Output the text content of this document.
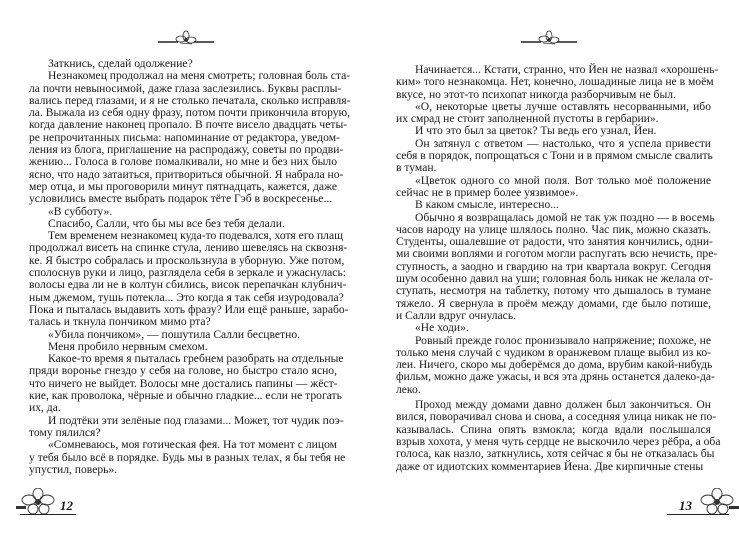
Заткнись, сделай одолжение?
Незнакомец продолжал на меня смотреть; головная боль ста-
ла почти невыносимой, даже глаза заслезились. Буквы расплы-
вались перед глазами, и я не столько печатала, сколько исправля-
ла. Выжала из себя одну фразу, потом почти прикончила вторую,
когда давление наконец пропало. В почте висело двадцать четы-
ре непрочитанных письма: напоминание от редактора, уведом-
ления из блога, приглашение на распродажу, советы по продви-
жению... Голоса в голове помалкивали, но мне и без них было
ясно, что надо затаиться, притвориться обычной. Я набрала но-
мер отца, и мы проговорили минут пятнадцать, кажется, даже
условились вместе выбрать подарок тёте Гэб в воскресенье...
«В субботу».
Спасибо, Салли, что бы мы все без тебя делали.
Тем временем незнакомец куда-то подевался, хотя его плащ
продолжал висеть на спинке стула, лениво шевелясь на сквозня-
ке. Я быстро собралась и проскользнула в уборную. Уже потом,
сполоснув руки и лицо, разглядела себя в зеркале и ужаснулась:
волосы едва ли не в колтун сбились, висок перепачкан клубнич-
ным джемом, тушь потекла... Это когда я так себя изуродовала?
Пока и пыталась выдавить хоть фразу? Или ещё раньше, зарабо-
талась и ткнула пончиком мимо рта?
«Убила пончиком», — пошутила Салли бесцветно.
Меня пробило нервным смехом.
Какое-то время я пыталась гребнем разобрать на отдельные
пряди воронье гнездо у себя на голове, но быстро стало ясно,
что ничего не выйдет. Волосы мне достались папины — жёст-
кие, как проволока, чёрные и обычно гладкие... если не трогать
их, да.
И подтёки эти зелёные под глазами... Может, тот чудик поэ-
тому пялился?
«Сомневаюсь, моя готическая фея. На тот момент с лицом
у тебя было всё в порядке. Будь мы в разных телах, я бы тебя не
упустил, поверь».
12
Начинается... Кстати, странно, что Йен не назвал «хорошень-
ким» того незнакомца. Нет, конечно, лошадиные лица не в моём
вкусе, но этот-то психопат никогда разборчивым не был.
«О, некоторые цветы лучше оставлять несорванными, ибо
их смрад не стоит заполненной пустоты в гербарии».
И что это был за цветок? Ты ведь его узнал, Йен.
Он затянул с ответом — настолько, что я успела привести
себя в порядок, попрощаться с Тони и в прямом смысле свалить
в туман.
«Цветок одного со мной поля. Вот только моё положение
сейчас не в пример более уязвимое».
В каком смысле, интересно...
Обычно я возвращалась домой не так уж поздно — в восемь
часов народу на улице шлялось полно. Час пик, можно сказать.
Студенты, ошалевшие от радости, что занятия кончились, одни-
ми своими воплями и гоготом могли распугать всю нечисть, пре-
ступность, а заодно и гвардию на три квартала вокруг. Сегодня
шум особенно давил на уши; головная боль никак не желала от-
ступать, несмотря на таблетку, потому что дышалось в тумане
тяжело. Я свернула в проём между домами, где было потише,
и Салли вдруг очнулась.
«Не ходи».
Ровный прежде голос пронизывало напряжение; похоже, не
только меня случай с чудиком в оранжевом плаще выбил из ко-
леи. Ничего, скоро мы доберёмся до дома, врубим какой-нибудь
фильм, можно даже ужасы, и вся эта дрянь останется далеко-да-
леко.
Проход между домами давно должен был закончиться. Он
вился, поворачивал снова и снова, а соседняя улица никак не по-
казывалась. Спина опять взмокла; когда вдали послышался
взрыв хохота, у меня чуть сердце не выскочило через рёбра, а оба
голоса, как назло, заткнулись, хотя сейчас я бы не отказалась бы
даже от идиотских комментариев Йена. Две кирпичные стены
13
